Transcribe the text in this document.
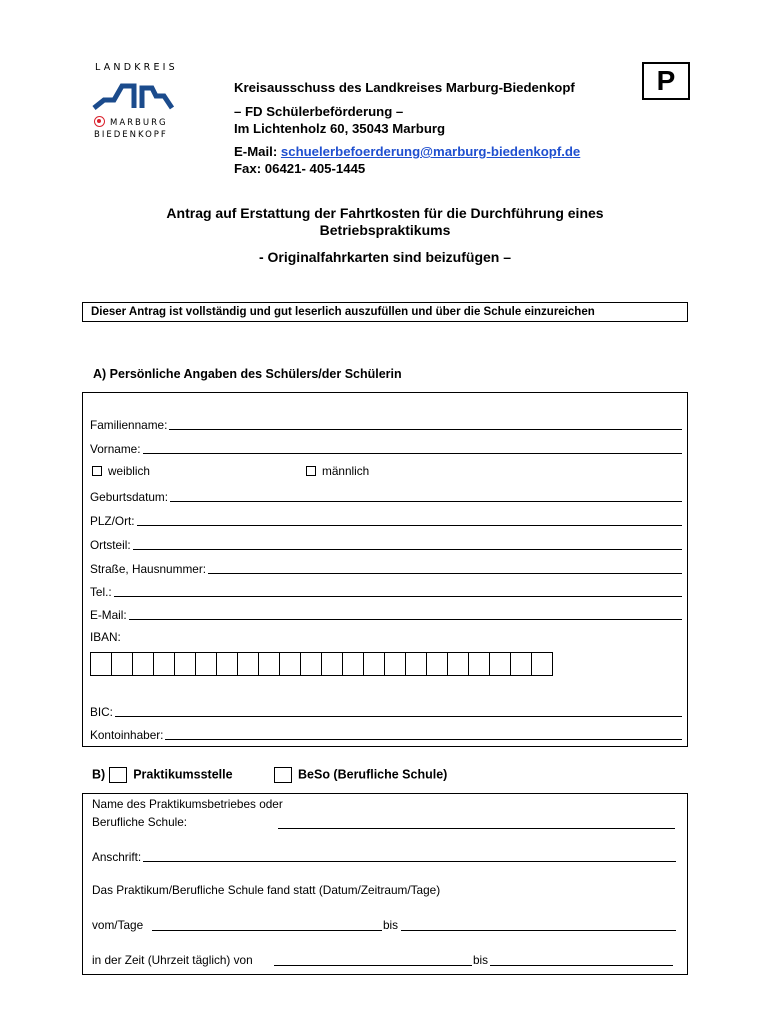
LANDKREIS
MARBURG
BIEDENKOPF
Kreisausschuss des Landkreises Marburg-Biedenkopf
– FD Schülerbeförderung –
Im Lichtenholz 60, 35043 Marburg
E-Mail: schuelerbefoerderung@marburg-biedenkopf.de
Fax: 06421- 405-1445
P
Antrag auf Erstattung der Fahrtkosten für die Durchführung eines
Betriebspraktikums
- Originalfahrkarten sind beizufügen –
Dieser Antrag ist vollständig und gut leserlich auszufüllen und über die Schule einzureichen
A) Persönliche Angaben des Schülers/der Schülerin
Familienname:
Vorname:
weiblich	männlich
Geburtsdatum:
PLZ/Ort:
Ortsteil:
Straße, Hausnummer:
Tel.:
E-Mail:
IBAN:
BIC:
Kontoinhaber:
B) Praktikumsstelle	BeSo (Berufliche Schule)
Name des Praktikumsbetriebes oder
Berufliche Schule:
Anschrift:
Das Praktikum/Berufliche Schule fand statt (Datum/Zeitraum/Tage)
vom/Tage	bis
in der Zeit (Uhrzeit täglich) von	bis
